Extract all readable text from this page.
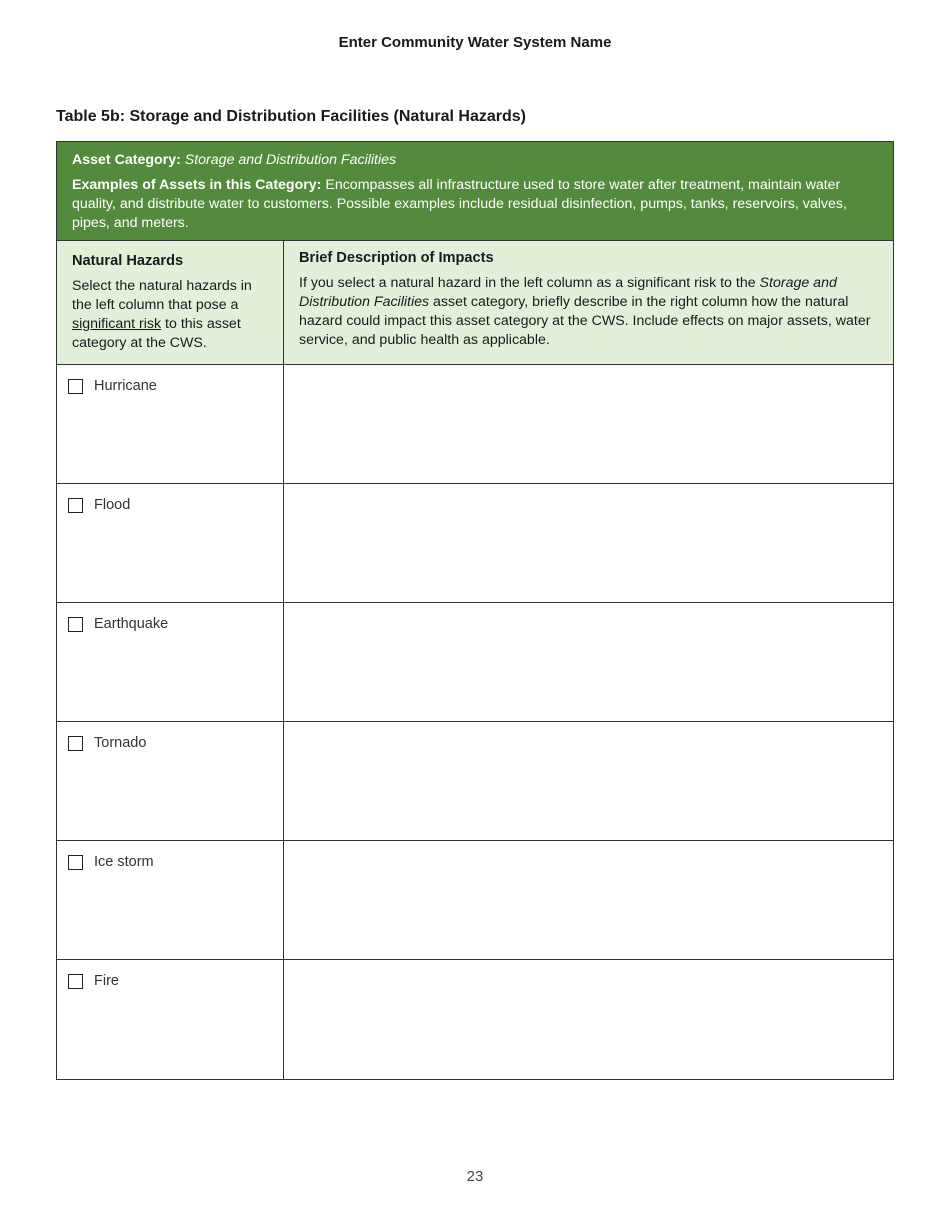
Enter Community Water System Name
Table 5b: Storage and Distribution Facilities (Natural Hazards)
Asset Category: Storage and Distribution Facilities
Examples of Assets in this Category: Encompasses all infrastructure used to store water after treatment, maintain water quality, and distribute water to customers. Possible examples include residual disinfection, pumps, tanks, reservoirs, valves, pipes, and meters.
Natural Hazards
Select the natural hazards in the left column that pose a significant risk to this asset category at the CWS.
Brief Description of Impacts
If you select a natural hazard in the left column as a significant risk to the Storage and Distribution Facilities asset category, briefly describe in the right column how the natural hazard could impact this asset category at the CWS. Include effects on major assets, water service, and public health as applicable.
Hurricane
Flood
Earthquake
Tornado
Ice storm
Fire
23
